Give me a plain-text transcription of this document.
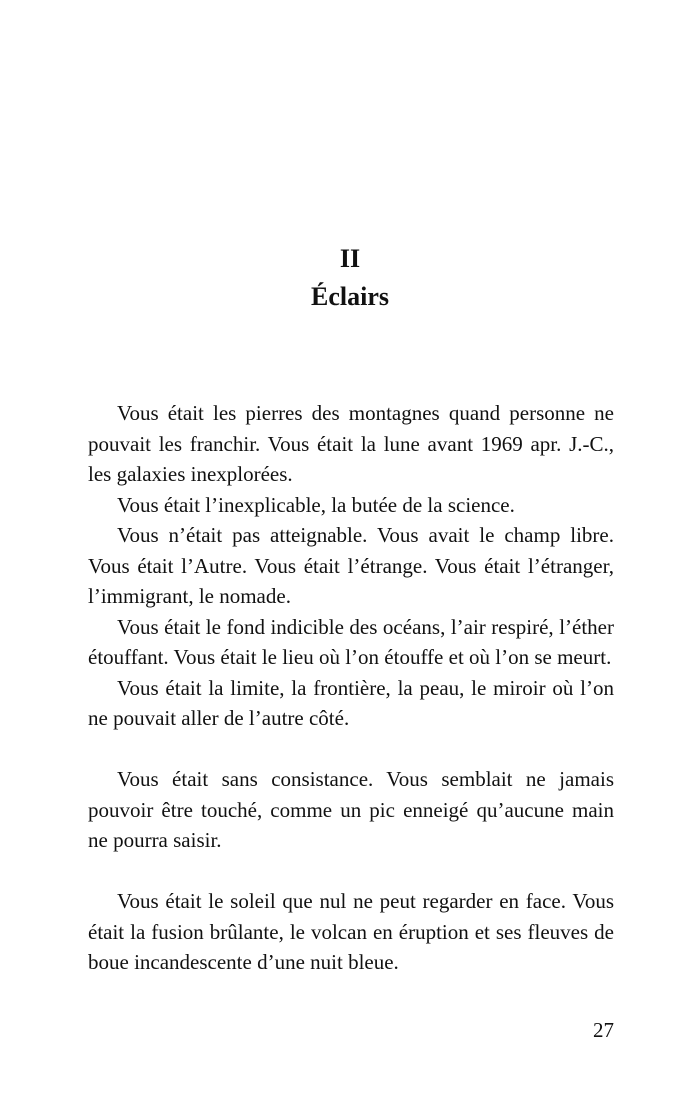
II
Éclairs

Vous était les pierres des montagnes quand personne ne pouvait les franchir. Vous était la lune avant 1969 apr. J.-C., les galaxies inexplorées.

Vous était l’inexplicable, la butée de la science.

Vous n’était pas atteignable. Vous avait le champ libre. Vous était l’Autre. Vous était l’étrange. Vous était l’étranger, l’immigrant, le nomade.

Vous était le fond indicible des océans, l’air respiré, l’éther étouffant. Vous était le lieu où l’on étouffe et où l’on se meurt.

Vous était la limite, la frontière, la peau, le miroir où l’on ne pouvait aller de l’autre côté.

Vous était sans consistance. Vous semblait ne jamais pouvoir être touché, comme un pic enneigé qu’aucune main ne pourra saisir.

Vous était le soleil que nul ne peut regarder en face. Vous était la fusion brûlante, le volcan en éruption et ses fleuves de boue incandescente d’une nuit bleue.

27
